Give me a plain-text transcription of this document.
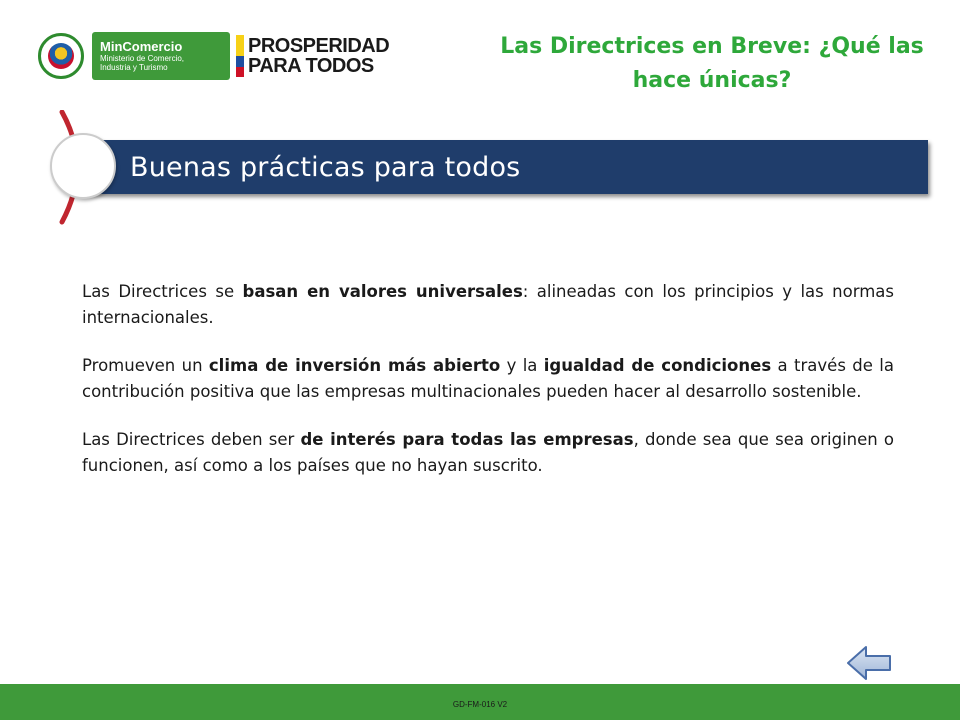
MinComercio
Ministerio de Comercio,
Industria y Turismo
PROSPERIDAD
PARA TODOS
Las Directrices en Breve: ¿Qué las hace únicas?
Buenas prácticas para todos

Las Directrices se basan en valores universales: alineadas con los principios y las normas internacionales.

Promueven un clima de inversión más abierto y la igualdad de condiciones a través de la contribución positiva que las empresas multinacionales pueden hacer al desarrollo sostenible.

Las Directrices deben ser de interés para todas las empresas, donde sea que sea originen o funcionen, así como a los países que no hayan suscrito.

GD-FM-016 V2
